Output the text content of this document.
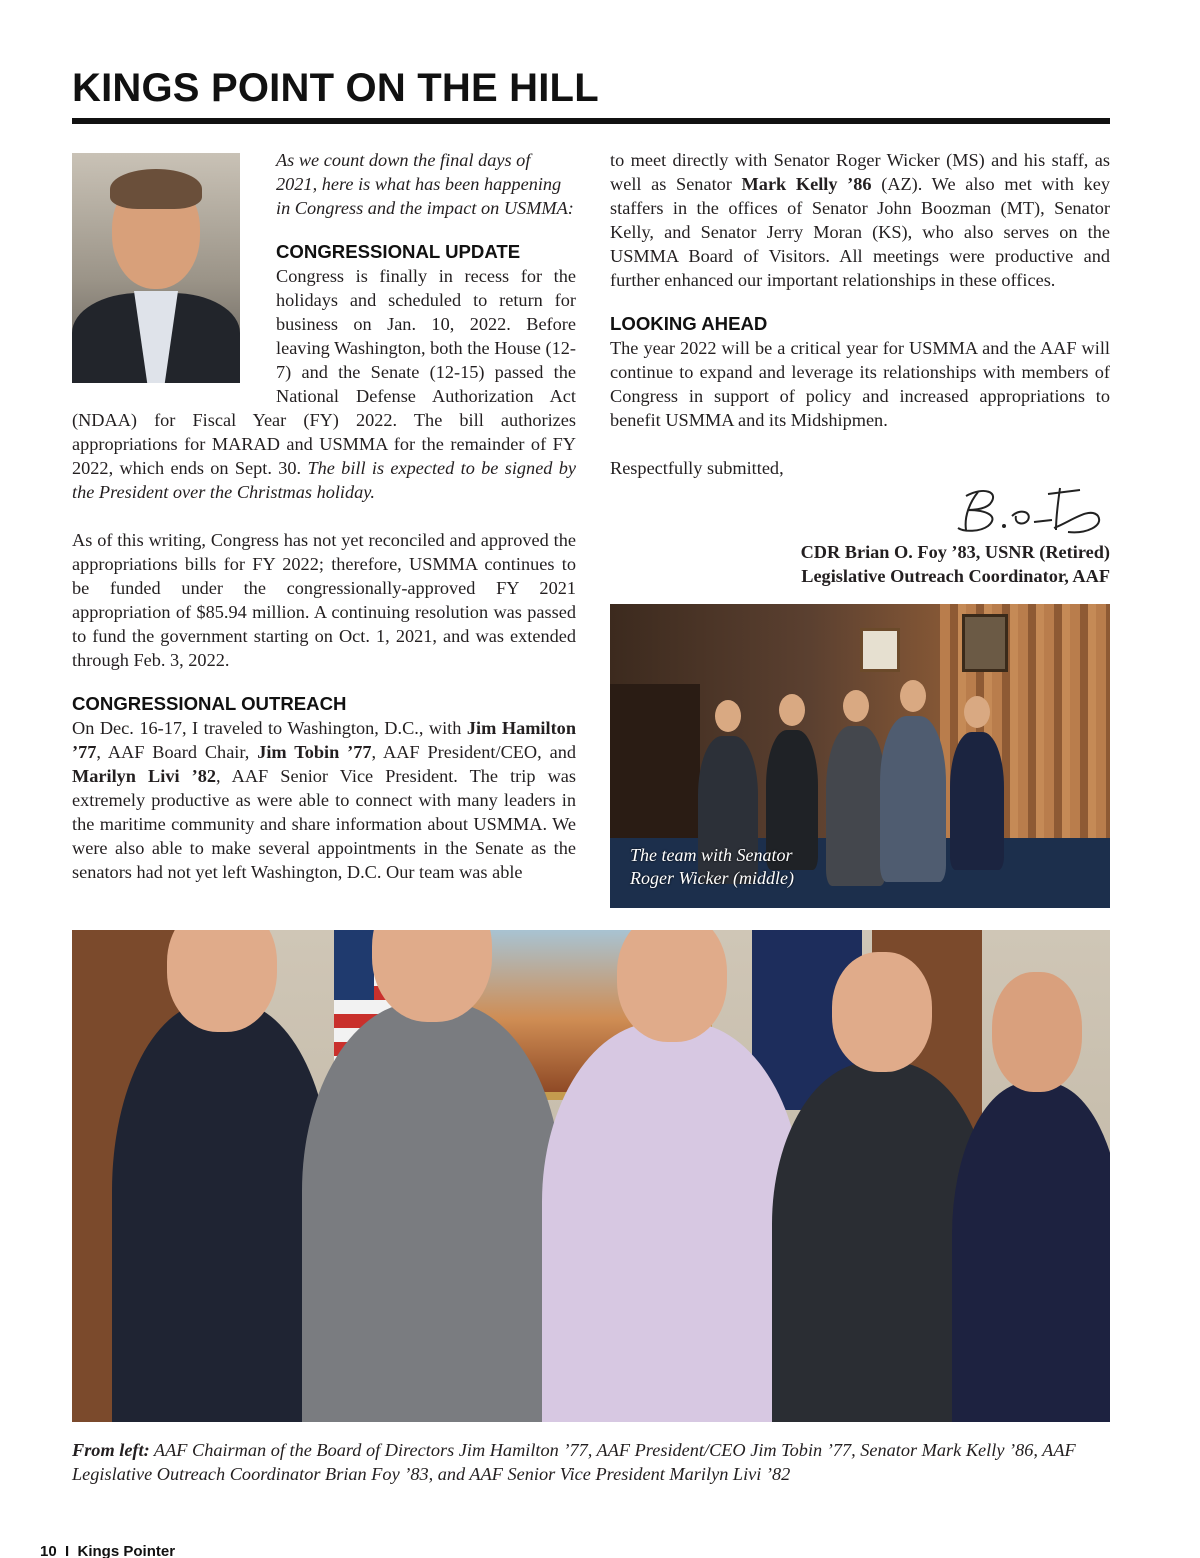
KINGS POINT ON THE HILL

As we count down the final days of 2021, here is what has been happening in Congress and the impact on USMMA:

CONGRESSIONAL UPDATE

Congress is finally in recess for the holidays and scheduled to return for business on Jan. 10, 2022. Before leaving Washington, both the House (12-7) and the Senate (12-15) passed the National Defense Authorization Act (NDAA) for Fiscal Year (FY) 2022. The bill authorizes appropriations for MARAD and USMMA for the remainder of FY 2022, which ends on Sept. 30. The bill is expected to be signed by the President over the Christmas holiday.

As of this writing, Congress has not yet reconciled and approved the appropriations bills for FY 2022; therefore, USMMA continues to be funded under the congressionally-approved FY 2021 appropriation of $85.94 million. A continuing resolution was passed to fund the government starting on Oct. 1, 2021, and was extended through Feb. 3, 2022.

CONGRESSIONAL OUTREACH

On Dec. 16-17, I traveled to Washington, D.C., with Jim Hamilton ’77, AAF Board Chair, Jim Tobin ’77, AAF President/CEO, and Marilyn Livi ’82, AAF Senior Vice President. The trip was extremely productive as were able to connect with many leaders in the maritime community and share information about USMMA. We were also able to make several appointments in the Senate as the senators had not yet left Washington, D.C. Our team was able

to meet directly with Senator Roger Wicker (MS) and his staff, as well as Senator Mark Kelly ’86 (AZ). We also met with key staffers in the offices of Senator John Boozman (MT), Senator Kelly, and Senator Jerry Moran (KS), who also serves on the USMMA Board of Visitors. All meetings were productive and further enhanced our important relationships in these offices.

LOOKING AHEAD

The year 2022 will be a critical year for USMMA and the AAF will continue to expand and leverage its relationships with members of Congress in support of policy and increased appropriations to benefit USMMA and its Midshipmen.

Respectfully submitted,

CDR Brian O. Foy ’83, USNR (Retired)
Legislative Outreach Coordinator, AAF
The team with Senator Roger Wicker (middle)
From left: AAF Chairman of the Board of Directors Jim Hamilton ’77, AAF President/CEO Jim Tobin ’77, Senator Mark Kelly ’86, AAF Legislative Outreach Coordinator Brian Foy ’83, and AAF Senior Vice President Marilyn Livi ’82
10  I  Kings Pointer
